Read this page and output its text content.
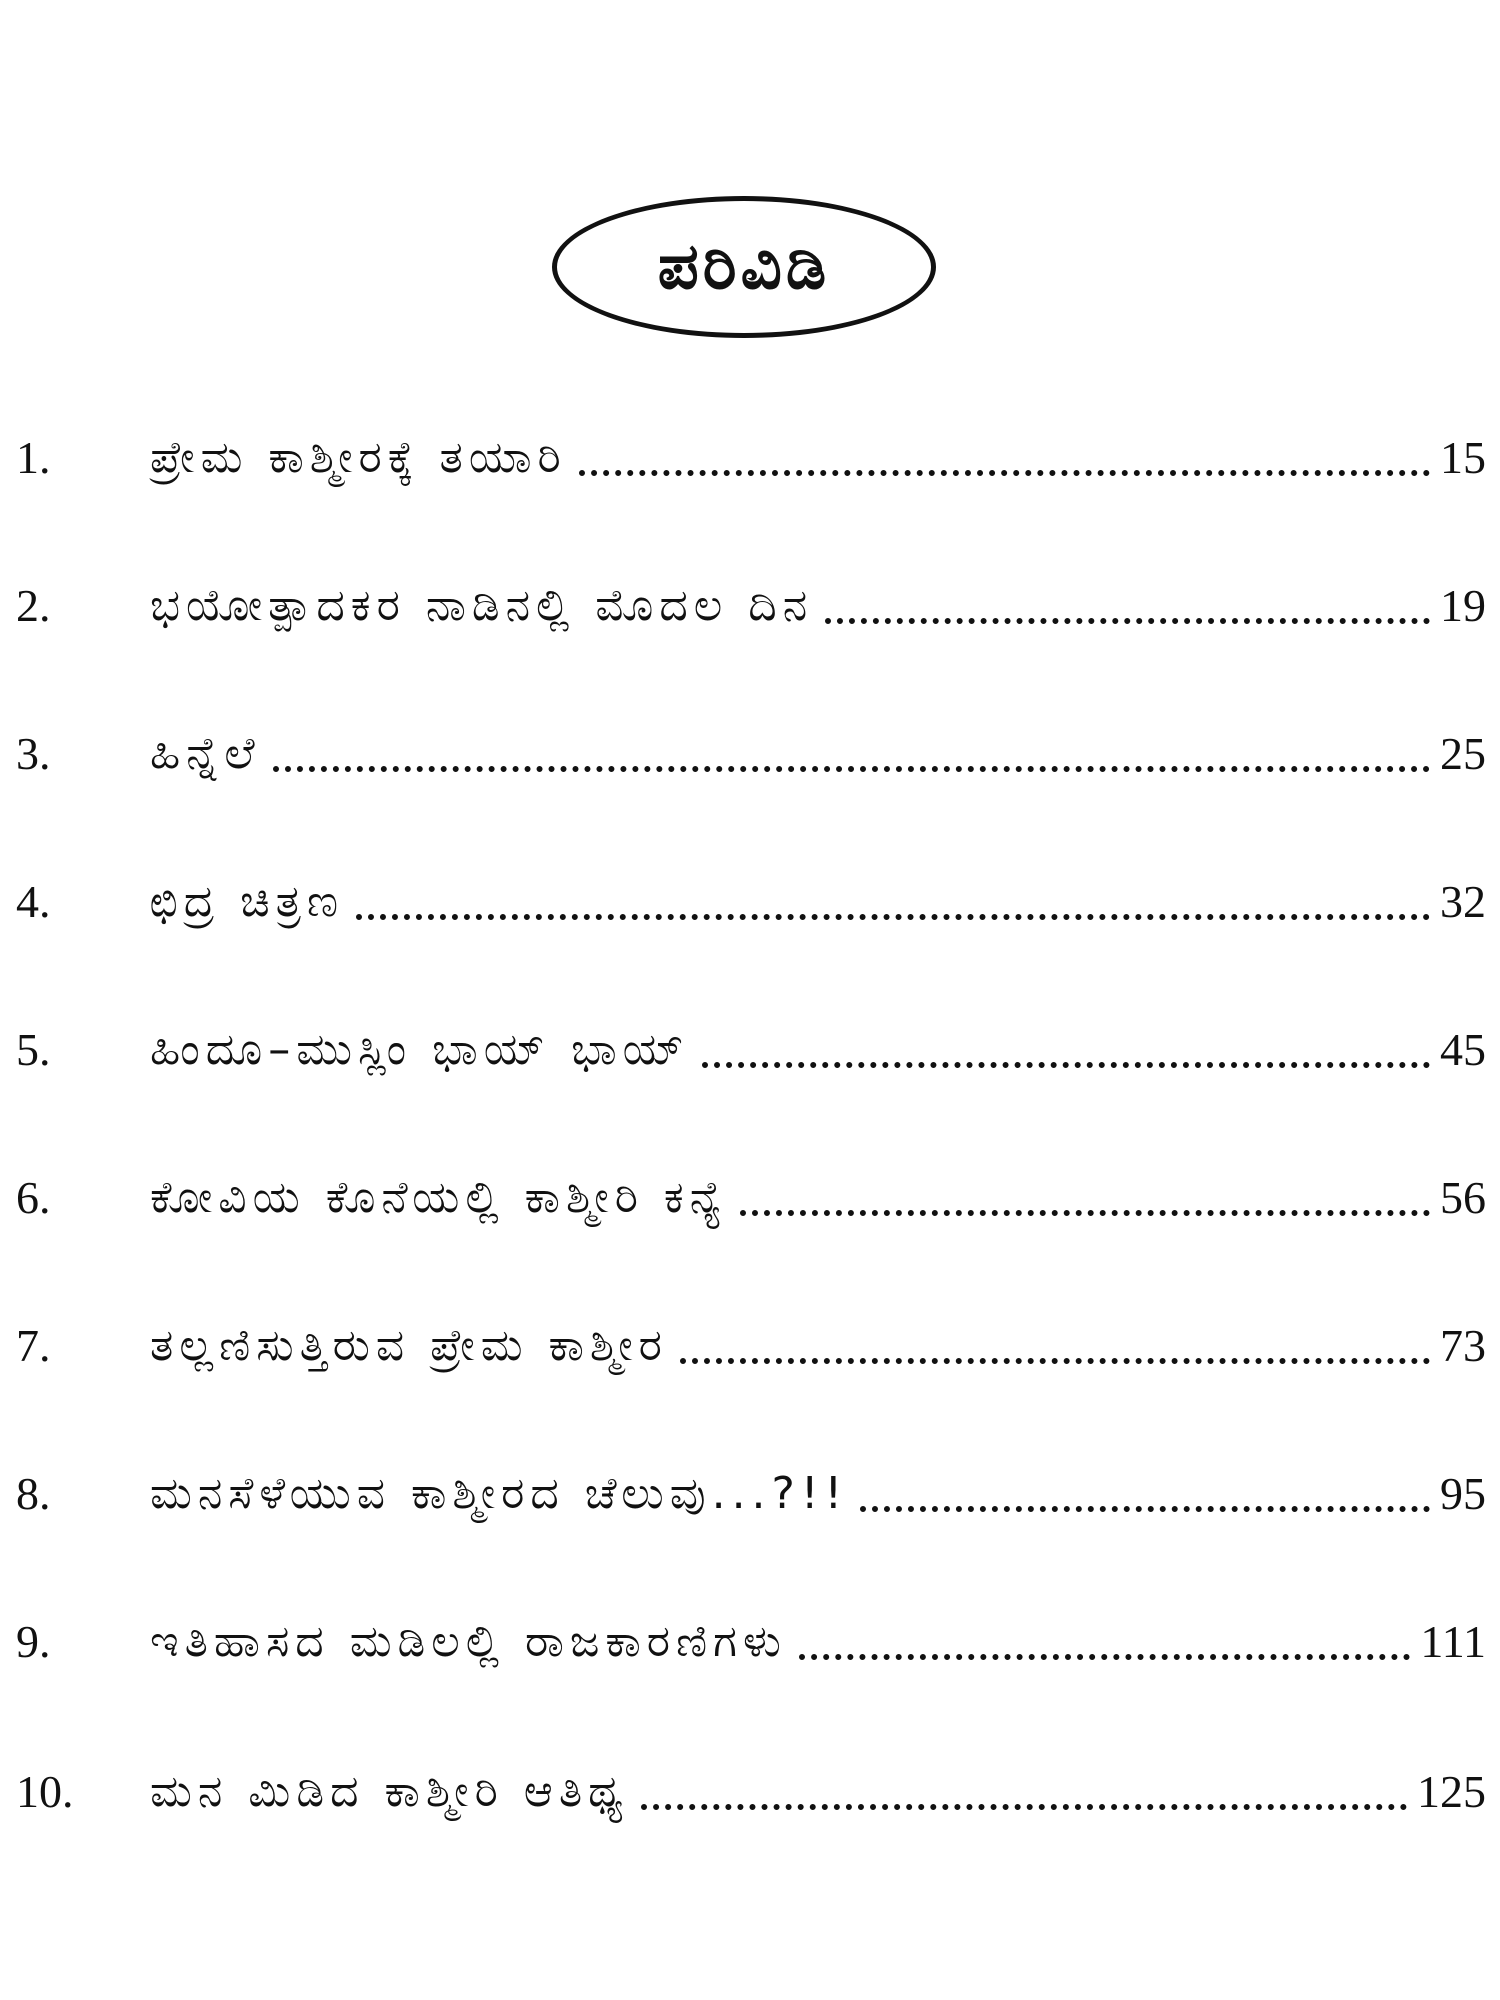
ಪರಿವಿಡಿ
1. ಪ್ರೇಮ ಕಾಶ್ಮೀರಕ್ಕೆ ತಯಾರಿ	15
2. ಭಯೋತ್ಪಾದಕರ ನಾಡಿನಲ್ಲಿ ಮೊದಲ ದಿನ	19
3. ಹಿನ್ನೆಲೆ	25
4. ಛಿದ್ರ ಚಿತ್ರಣ	32
5. ಹಿಂದೂ–ಮುಸ್ಲಿಂ ಭಾಯ್ ಭಾಯ್	45
6. ಕೋವಿಯ ಕೊನೆಯಲ್ಲಿ ಕಾಶ್ಮೀರಿ ಕನ್ಯೆ	56
7. ತಲ್ಲಣಿಸುತ್ತಿರುವ ಪ್ರೇಮ ಕಾಶ್ಮೀರ	73
8. ಮನಸೆಳೆಯುವ ಕಾಶ್ಮೀರದ ಚೆಲುವು...?!!	95
9. ಇತಿಹಾಸದ ಮಡಿಲಲ್ಲಿ ರಾಜಕಾರಣಿಗಳು	111
10. ಮನ ಮಿಡಿದ ಕಾಶ್ಮೀರಿ ಆತಿಥ್ಯ	125
